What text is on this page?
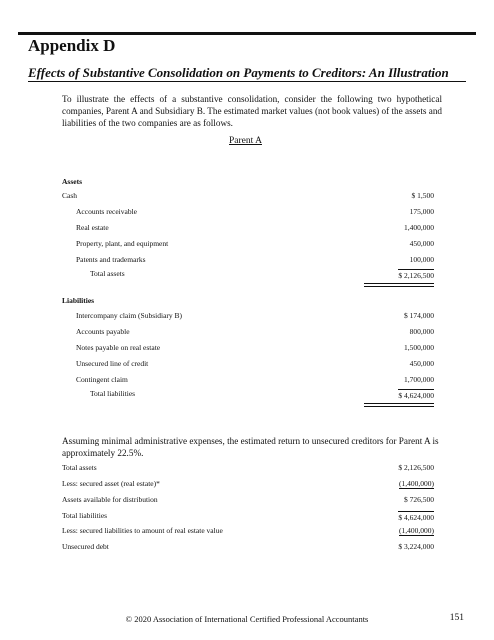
Appendix D
Effects of Substantive Consolidation on Payments to Creditors: An Illustration
To illustrate the effects of a substantive consolidation, consider the following two hypothetical companies, Parent A and Subsidiary B. The estimated market values (not book values) of the assets and liabilities of the two companies are as follows.
Parent A
Assets
Cash	$ 1,500
Accounts receivable	175,000
Real estate	1,400,000
Property, plant, and equipment	450,000
Patents and trademarks	100,000
Total assets	$ 2,126,500
Liabilities
Intercompany claim (Subsidiary B)	$ 174,000
Accounts payable	800,000
Notes payable on real estate	1,500,000
Unsecured line of credit	450,000
Contingent claim	1,700,000
Total liabilities	$ 4,624,000
Assuming minimal administrative expenses, the estimated return to unsecured creditors for Parent A is approximately 22.5%.
Total assets	$ 2,126,500
Less: secured asset (real estate)*	(1,400,000)
Assets available for distribution	$ 726,500
Total liabilities	$ 4,624,000
Less: secured liabilities to amount of real estate value	(1,400,000)
Unsecured debt	$ 3,224,000
© 2020 Association of International Certified Professional Accountants	151
